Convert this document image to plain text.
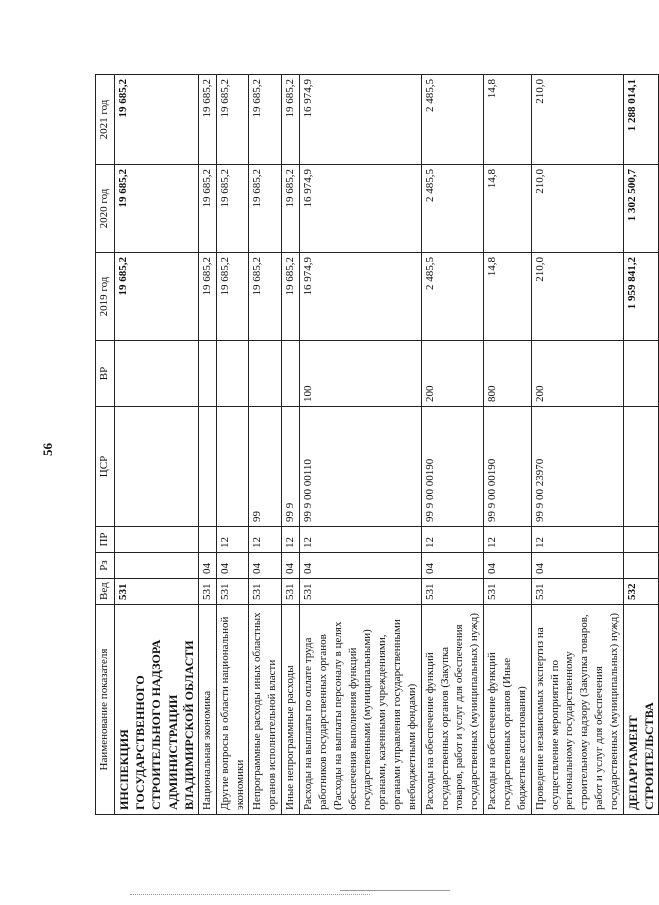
56
Наименование показателя	Вед	Рз	ПР	ЦСР	ВР	2019 год	2020 год	2021 год
ИНСПЕКЦИЯ ГОСУДАРСТВЕННОГО СТРОИТЕЛЬНОГО НАДЗОРА АДМИНИСТРАЦИИ ВЛАДИМИРСКОЙ ОБЛАСТИ	531					19 685,2	19 685,2	19 685,2
Национальная экономика	531	04				19 685,2	19 685,2	19 685,2
Другие вопросы в области национальной экономики	531	04	12			19 685,2	19 685,2	19 685,2
Непрограммные расходы иных областных органов исполнительной власти	531	04	12	99		19 685,2	19 685,2	19 685,2
Иные непрограммные расходы	531	04	12	99 9		19 685,2	19 685,2	19 685,2
Расходы на выплаты по оплате труда работников государственных органов (Расходы на выплаты персоналу в целях обеспечения выполнения функций государственными (муниципальными) органами, казенными учреждениями, органами управления государственными внебюджетными фондами)	531	04	12	99 9 00 00110	100	16 974,9	16 974,9	16 974,9
Расходы на обеспечение функций государственных органов (Закупка товаров, работ и услуг для обеспечения государственных (муниципальных) нужд)	531	04	12	99 9 00 00190	200	2 485,5	2 485,5	2 485,5
Расходы на обеспечение функций государственных органов (Иные бюджетные ассигнования)	531	04	12	99 9 00 00190	800	14,8	14,8	14,8
Проведение независимых экспертиз на осуществление мероприятий по региональному государственному строительному надзору (Закупка товаров, работ и услуг для обеспечения государственных (муниципальных) нужд)	531	04	12	99 9 00 23970	200	210,0	210,0	210,0
ДЕПАРТАМЕНТ СТРОИТЕЛЬСТВА	532					1 959 841,2	1 302 500,7	1 288 014,1
